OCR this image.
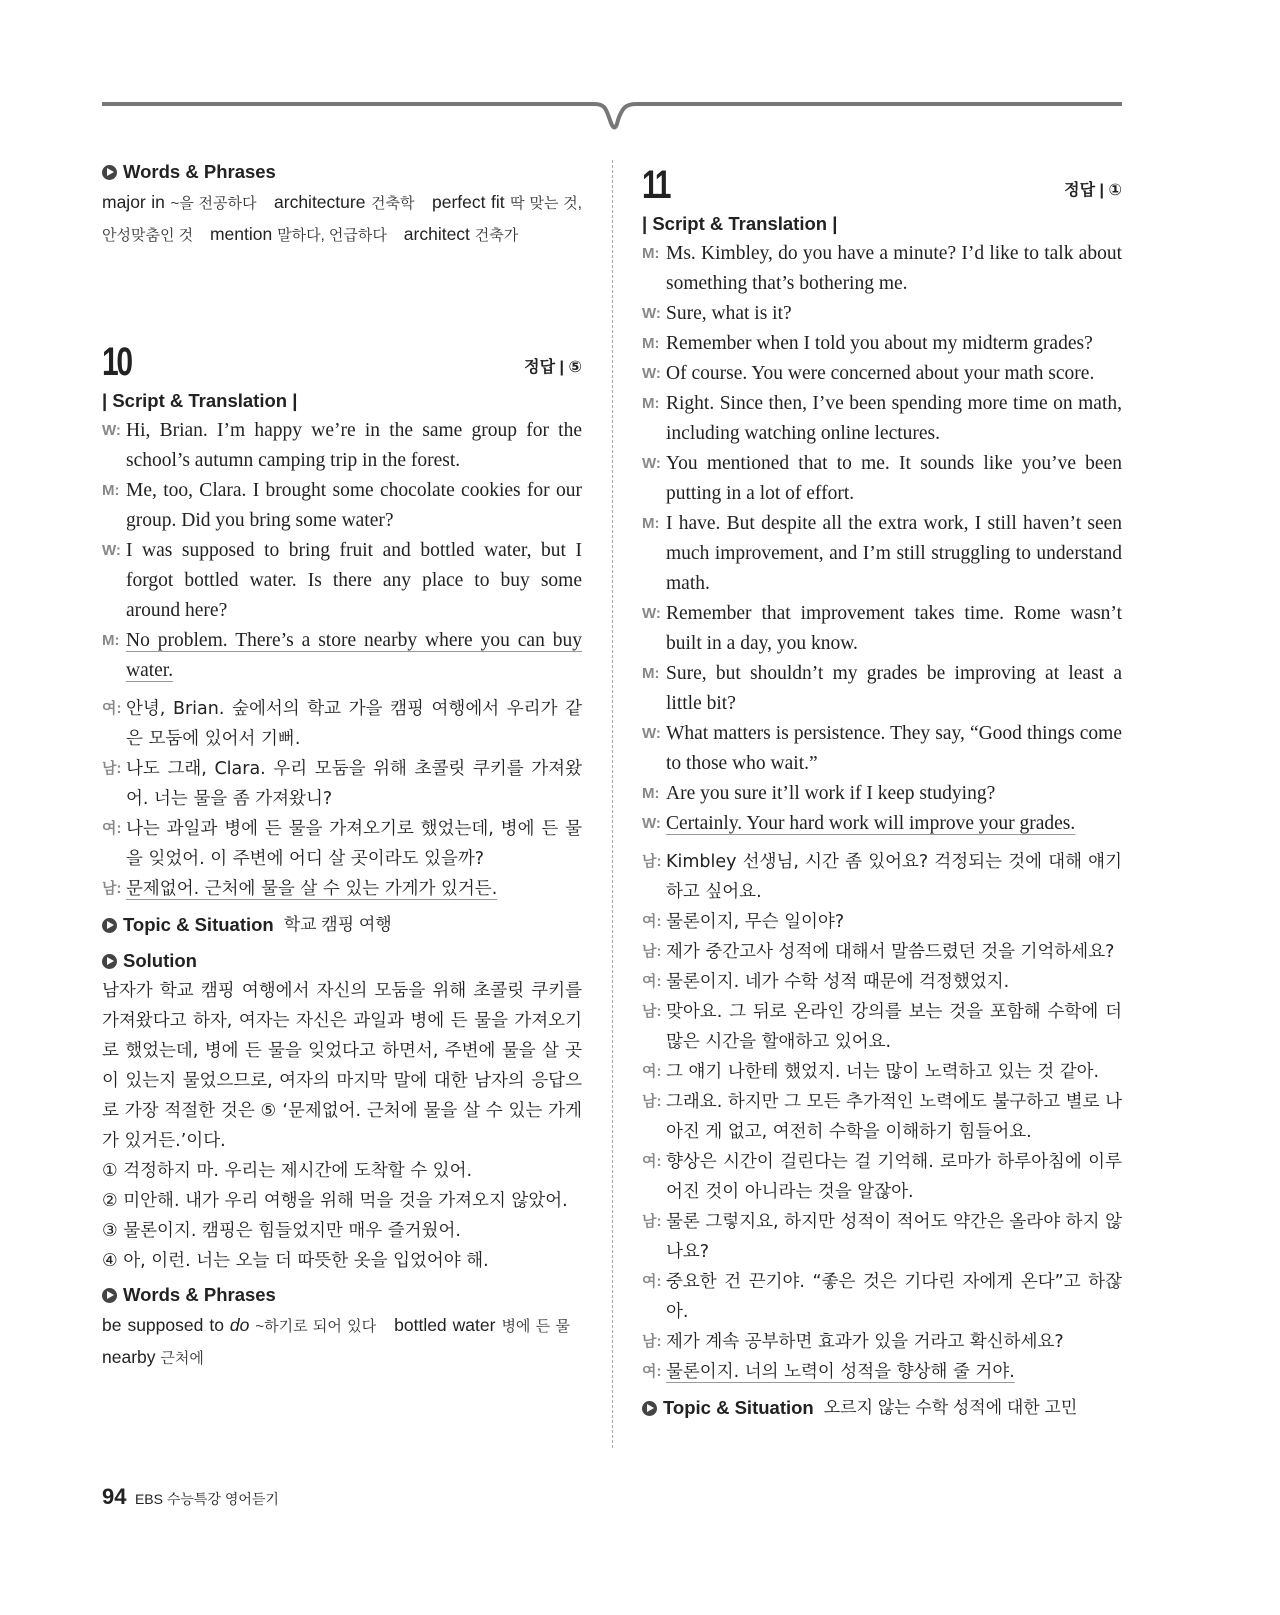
Words & Phrases
major in ~을 전공하다 architecture 건축학 perfect fit 딱 맞는 것, 안성맞춤인 것 mention 말하다, 언급하다 architect 건축가
10	정답 | ⑤
| Script & Translation |
W: Hi, Brian. I’m happy we’re in the same group for the school’s autumn camping trip in the forest.
M: Me, too, Clara. I brought some chocolate cookies for our group. Did you bring some water?
W: I was supposed to bring fruit and bottled water, but I forgot bottled water. Is there any place to buy some around here?
M: No problem. There’s a store nearby where you can buy water.
여: 안녕, Brian. 숲에서의 학교 가을 캠핑 여행에서 우리가 같은 모둠에 있어서 기뻐.
남: 나도 그래, Clara. 우리 모둠을 위해 초콜릿 쿠키를 가져왔어. 너는 물을 좀 가져왔니?
여: 나는 과일과 병에 든 물을 가져오기로 했었는데, 병에 든 물을 잊었어. 이 주변에 어디 살 곳이라도 있을까?
남: 문제없어. 근처에 물을 살 수 있는 가게가 있거든.
Topic & Situation 학교 캠핑 여행
Solution
남자가 학교 캠핑 여행에서 자신의 모둠을 위해 초콜릿 쿠키를 가져왔다고 하자, 여자는 자신은 과일과 병에 든 물을 가져오기로 했었는데, 병에 든 물을 잊었다고 하면서, 주변에 물을 살 곳이 있는지 물었으므로, 여자의 마지막 말에 대한 남자의 응답으로 가장 적절한 것은 ⑤ ‘문제없어. 근처에 물을 살 수 있는 가게가 있거든.’이다.
① 걱정하지 마. 우리는 제시간에 도착할 수 있어.
② 미안해. 내가 우리 여행을 위해 먹을 것을 가져오지 않았어.
③ 물론이지. 캠핑은 힘들었지만 매우 즐거웠어.
④ 아, 이런. 너는 오늘 더 따뜻한 옷을 입었어야 해.
Words & Phrases
be supposed to do ~하기로 되어 있다 bottled water 병에 든 물 nearby 근처에
11	정답 | ①
| Script & Translation |
M: Ms. Kimbley, do you have a minute? I’d like to talk about something that’s bothering me.
W: Sure, what is it?
M: Remember when I told you about my midterm grades?
W: Of course. You were concerned about your math score.
M: Right. Since then, I’ve been spending more time on math, including watching online lectures.
W: You mentioned that to me. It sounds like you’ve been putting in a lot of effort.
M: I have. But despite all the extra work, I still haven’t seen much improvement, and I’m still struggling to understand math.
W: Remember that improvement takes time. Rome wasn’t built in a day, you know.
M: Sure, but shouldn’t my grades be improving at least a little bit?
W: What matters is persistence. They say, “Good things come to those who wait.”
M: Are you sure it’ll work if I keep studying?
W: Certainly. Your hard work will improve your grades.
남: Kimbley 선생님, 시간 좀 있어요? 걱정되는 것에 대해 얘기하고 싶어요.
여: 물론이지, 무슨 일이야?
남: 제가 중간고사 성적에 대해서 말씀드렸던 것을 기억하세요?
여: 물론이지. 네가 수학 성적 때문에 걱정했었지.
남: 맞아요. 그 뒤로 온라인 강의를 보는 것을 포함해 수학에 더 많은 시간을 할애하고 있어요.
여: 그 얘기 나한테 했었지. 너는 많이 노력하고 있는 것 같아.
남: 그래요. 하지만 그 모든 추가적인 노력에도 불구하고 별로 나아진 게 없고, 여전히 수학을 이해하기 힘들어요.
여: 향상은 시간이 걸린다는 걸 기억해. 로마가 하루아침에 이루어진 것이 아니라는 것을 알잖아.
남: 물론 그렇지요, 하지만 성적이 적어도 약간은 올라야 하지 않나요?
여: 중요한 건 끈기야. “좋은 것은 기다린 자에게 온다”고 하잖아.
남: 제가 계속 공부하면 효과가 있을 거라고 확신하세요?
여: 물론이지. 너의 노력이 성적을 향상해 줄 거야.
Topic & Situation 오르지 않는 수학 성적에 대한 고민
94 EBS 수능특강 영어듣기
